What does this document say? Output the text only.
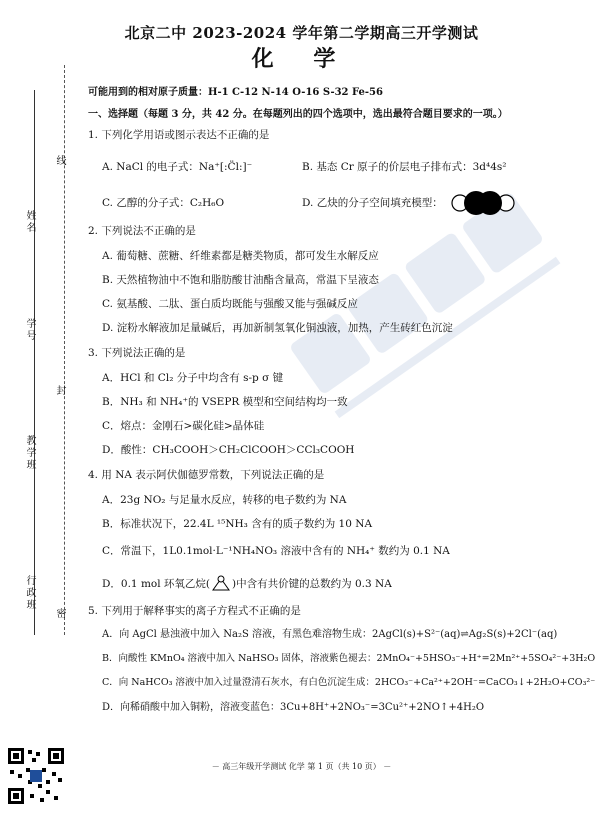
北京二中 2023-2024 学年第二学期高三开学测试
化 学
线
姓名
学号
封
教学班
行政班
密
可能用到的相对原子质量：H-1 C-12 N-14 O-16 S-32 Fe-56
一、选择题（每题 3 分，共 42 分。在每题列出的四个选项中，选出最符合题目要求的一项。）
1. 下列化学用语或图示表达不正确的是
A. NaCl 的电子式：Na⁺[:C̈l:]⁻	B. 基态 Cr 原子的价层电子排布式：3d⁴4s²
C. 乙醇的分子式：C₂H₆O	D. 乙炔的分子空间填充模型：
2. 下列说法不正确的是
A. 葡萄糖、蔗糖、纤维素都是糖类物质，都可发生水解反应
B. 天然植物油中不饱和脂肪酸甘油酯含量高，常温下呈液态
C. 氨基酸、二肽、蛋白质均既能与强酸又能与强碱反应
D. 淀粉水解液加足量碱后，再加新制氢氧化铜浊液，加热，产生砖红色沉淀
3. 下列说法正确的是
A．HCl 和 Cl₂ 分子中均含有 s-p σ 键
B．NH₃ 和 NH₄⁺的 VSEPR 模型和空间结构均一致
C．熔点：金刚石>碳化硅>晶体硅
D．酸性：CH₃COOH＞CH₂ClCOOH＞CCl₃COOH
4. 用 NA 表示阿伏伽德罗常数，下列说法正确的是
A．23g NO₂ 与足量水反应，转移的电子数约为 NA
B．标准状况下，22.4L ¹⁵NH₃ 含有的质子数约为 10 NA
C．常温下，1L0.1mol·L⁻¹NH₄NO₃ 溶液中含有的 NH₄⁺ 数约为 0.1 NA
D．0.1 mol 环氧乙烷( )中含有共价键的总数约为 0.3 NA
5. 下列用于解释事实的离子方程式不正确的是
A．向 AgCl 悬浊液中加入 Na₂S 溶液，有黑色难溶物生成：2AgCl(s)+S²⁻(aq)⇌Ag₂S(s)+2Cl⁻(aq)
B．向酸性 KMnO₄ 溶液中加入 NaHSO₃ 固体，溶液紫色褪去：2MnO₄⁻+5HSO₃⁻+H⁺=2Mn²⁺+5SO₄²⁻+3H₂O
C．向 NaHCO₃ 溶液中加入过量澄清石灰水，有白色沉淀生成：2HCO₃⁻+Ca²⁺+2OH⁻=CaCO₃↓+2H₂O+CO₃²⁻
D．向稀硝酸中加入铜粉，溶液变蓝色：3Cu+8H⁺+2NO₃⁻=3Cu²⁺+2NO↑+4H₂O
－ 高三年级开学测试 化学 第 1 页（共 10 页） －
